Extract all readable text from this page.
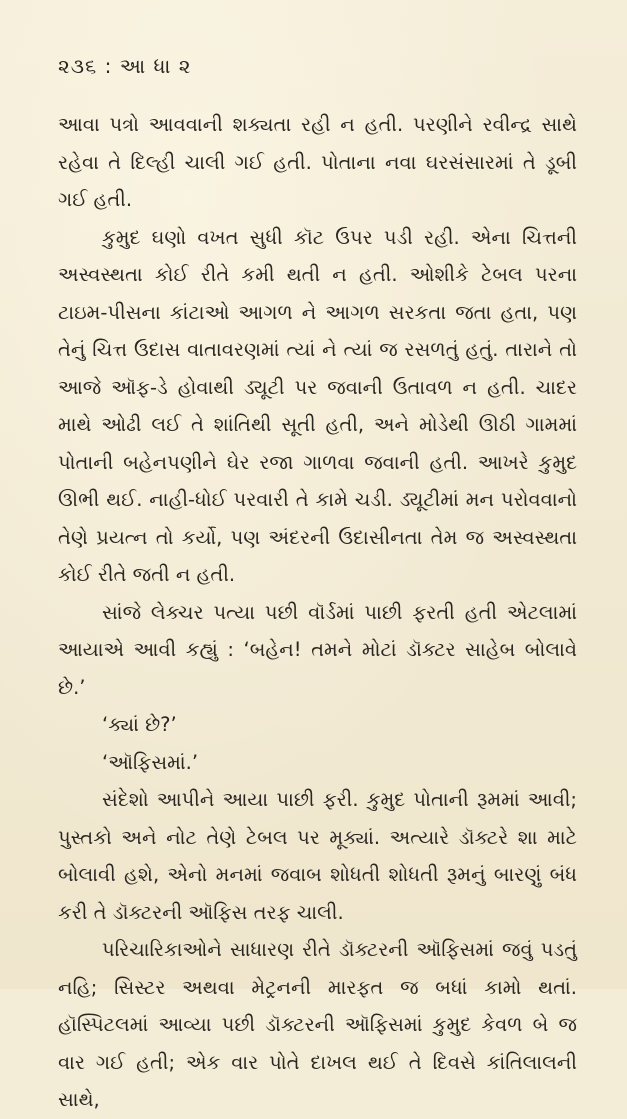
૨૩૬ : આ ધા ૨

આવા પત્રો આવવાની શક્યતા રહી ન હતી. પરણીને રવીન્દ્ર સાથે રહેવા તે દિલ્હી ચાલી ગઈ હતી. પોતાના નવા ઘરસંસારમાં તે ડૂબી ગઈ હતી.

કુમુદ ઘણો વખત સુધી કૉટ ઉપર પડી રહી. એના ચિત્તની અસ્વસ્થતા કોઈ રીતે કમી થતી ન હતી. ઓશીકે ટેબલ પરના ટાઇમ-પીસના કાંટાઓ આગળ ને આગળ સરકતા જતા હતા, પણ તેનું ચિત્ત ઉદાસ વાતાવરણમાં ત્યાં ને ત્યાં જ રસળતું હતું. તારાને તો આજે ઑફ-ડે હોવાથી ડ્યૂટી પર જવાની ઉતાવળ ન હતી. ચાદર માથે ઓઢી લઈ તે શાંતિથી સૂતી હતી, અને મોડેથી ઊઠી ગામમાં પોતાની બહેનપણીને ઘેર રજા ગાળવા જવાની હતી. આખરે કુમુદ ઊભી થઈ. નાહી-ધોઈ પરવારી તે કામે ચડી. ડ્યૂટીમાં મન પરોવવાનો તેણે પ્રયત્ન તો કર્યો, પણ અંદરની ઉદાસીનતા તેમ જ અસ્વસ્થતા કોઈ રીતે જતી ન હતી.

સાંજે લેક્ચર પત્યા પછી વૉર્ડમાં પાછી ફરતી હતી એટલામાં આયાએ આવી કહ્યું : ‘બહેન! તમને મોટાં ડૉક્ટર સાહેબ બોલાવે છે.’

‘ક્યાં છે?’

‘ઑફિસમાં.’

સંદેશો આપીને આયા પાછી ફરી. કુમુદ પોતાની રૂમમાં આવી; પુસ્તકો અને નોટ તેણે ટેબલ પર મૂક્યાં. અત્યારે ડૉક્ટરે શા માટે બોલાવી હશે, એનો મનમાં જવાબ શોધતી શોધતી રૂમનું બારણું બંધ કરી તે ડૉક્ટરની ઑફિસ તરફ ચાલી.

પરિચારિકાઓને સાધારણ રીતે ડૉક્ટરની ઑફિસમાં જવું પડતું નહિ; સિસ્ટર અથવા મેટ્રનની મારફત જ બધાં કામો થતાં. હૉસ્પિટલમાં આવ્યા પછી ડૉક્ટરની ઑફિસમાં કુમુદ કેવળ બે જ વાર ગઈ હતી; એક વાર પોતે દાખલ થઈ તે દિવસે કાંતિલાલની સાથે,
